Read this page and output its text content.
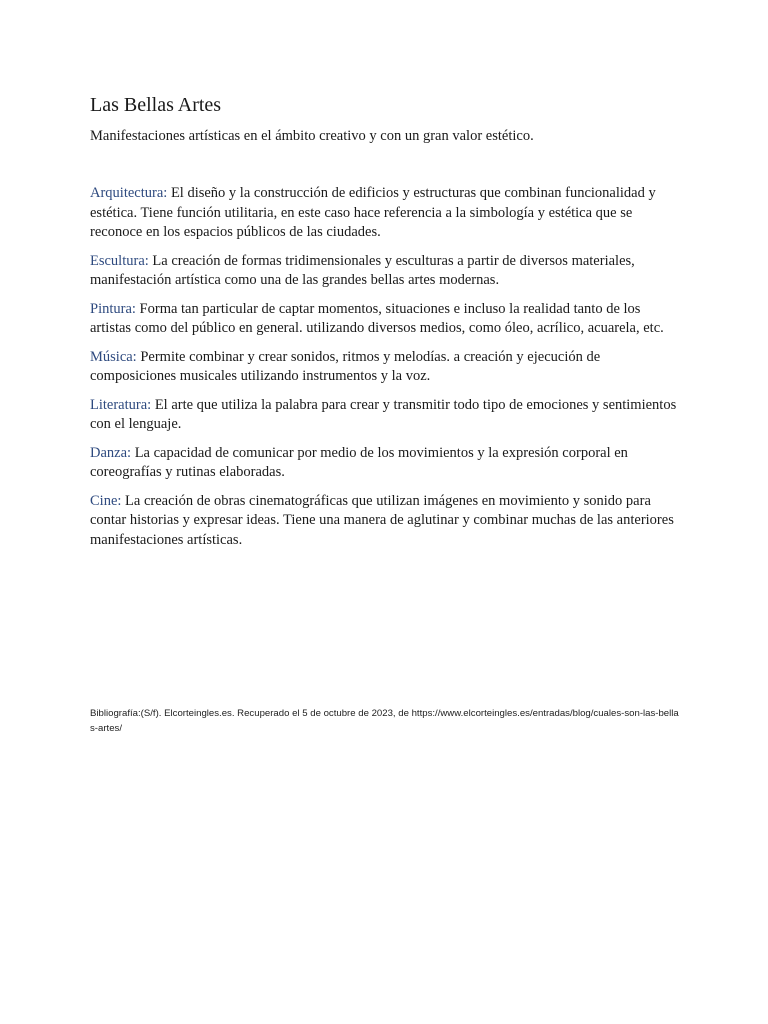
Las Bellas Artes

Manifestaciones artísticas en el ámbito creativo y con un gran valor estético.

Arquitectura: El diseño y la construcción de edificios y estructuras que combinan funcionalidad y estética. Tiene función utilitaria, en este caso hace referencia a la simbología y estética que se reconoce en los espacios públicos de las ciudades.

Escultura: La creación de formas tridimensionales y esculturas a partir de diversos materiales, manifestación artística como una de las grandes bellas artes modernas.

Pintura: Forma tan particular de captar momentos, situaciones e incluso la realidad tanto de los artistas como del público en general. utilizando diversos medios, como óleo, acrílico, acuarela, etc.

Música: Permite combinar y crear sonidos, ritmos y melodías. a creación y ejecución de composiciones musicales utilizando instrumentos y la voz.

Literatura: El arte que utiliza la palabra para crear y transmitir todo tipo de emociones y sentimientos con el lenguaje.

Danza: La capacidad de comunicar por medio de los movimientos y la expresión corporal en coreografías y rutinas elaboradas.

Cine: La creación de obras cinematográficas que utilizan imágenes en movimiento y sonido para contar historias y expresar ideas. Tiene una manera de aglutinar y combinar muchas de las anteriores manifestaciones artísticas.

Bibliografía:(S/f). Elcorteingles.es. Recuperado el 5 de octubre de 2023, de https://www.elcorteingles.es/entradas/blog/cuales-son-las-bellas-artes/
